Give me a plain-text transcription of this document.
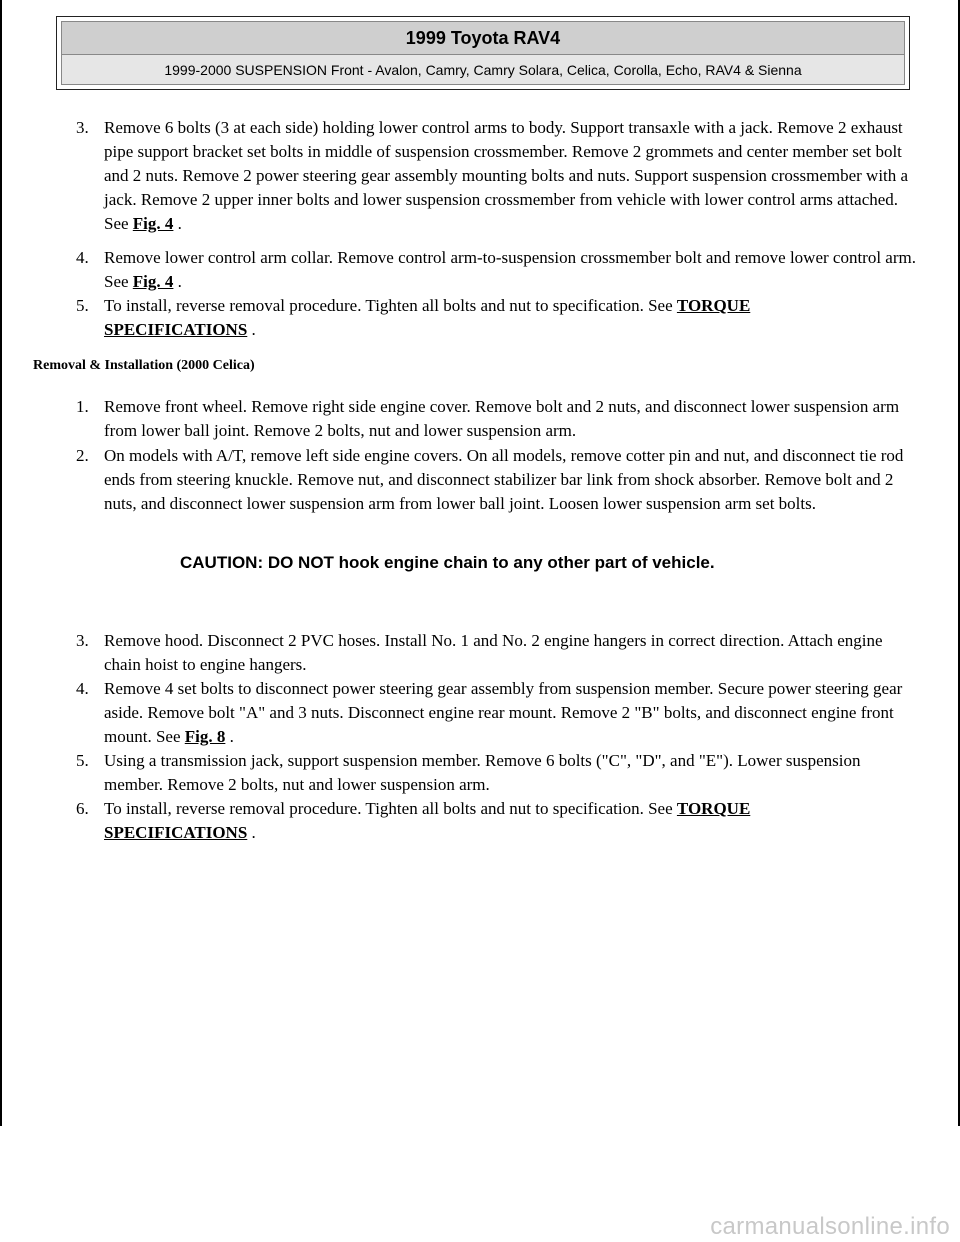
1999 Toyota RAV4
1999-2000 SUSPENSION Front - Avalon, Camry, Camry Solara, Celica, Corolla, Echo, RAV4 & Sienna
3. Remove 6 bolts (3 at each side) holding lower control arms to body. Support transaxle with a jack. Remove 2 exhaust pipe support bracket set bolts in middle of suspension crossmember. Remove 2 grommets and center member set bolt and 2 nuts. Remove 2 power steering gear assembly mounting bolts and nuts. Support suspension crossmember with a jack. Remove 2 upper inner bolts and lower suspension crossmember from vehicle with lower control arms attached. See Fig. 4 .
4. Remove lower control arm collar. Remove control arm-to-suspension crossmember bolt and remove lower control arm. See Fig. 4 .
5. To install, reverse removal procedure. Tighten all bolts and nut to specification. See TORQUE SPECIFICATIONS .
Removal & Installation (2000 Celica)
1. Remove front wheel. Remove right side engine cover. Remove bolt and 2 nuts, and disconnect lower suspension arm from lower ball joint. Remove 2 bolts, nut and lower suspension arm.
2. On models with A/T, remove left side engine covers. On all models, remove cotter pin and nut, and disconnect tie rod ends from steering knuckle. Remove nut, and disconnect stabilizer bar link from shock absorber. Remove bolt and 2 nuts, and disconnect lower suspension arm from lower ball joint. Loosen lower suspension arm set bolts.
CAUTION: DO NOT hook engine chain to any other part of vehicle.
3. Remove hood. Disconnect 2 PVC hoses. Install No. 1 and No. 2 engine hangers in correct direction. Attach engine chain hoist to engine hangers.
4. Remove 4 set bolts to disconnect power steering gear assembly from suspension member. Secure power steering gear aside. Remove bolt "A" and 3 nuts. Disconnect engine rear mount. Remove 2 "B" bolts, and disconnect engine front mount. See Fig. 8 .
5. Using a transmission jack, support suspension member. Remove 6 bolts ("C", "D", and "E"). Lower suspension member. Remove 2 bolts, nut and lower suspension arm.
6. To install, reverse removal procedure. Tighten all bolts and nut to specification. See TORQUE SPECIFICATIONS .
carmanualsonline.info
